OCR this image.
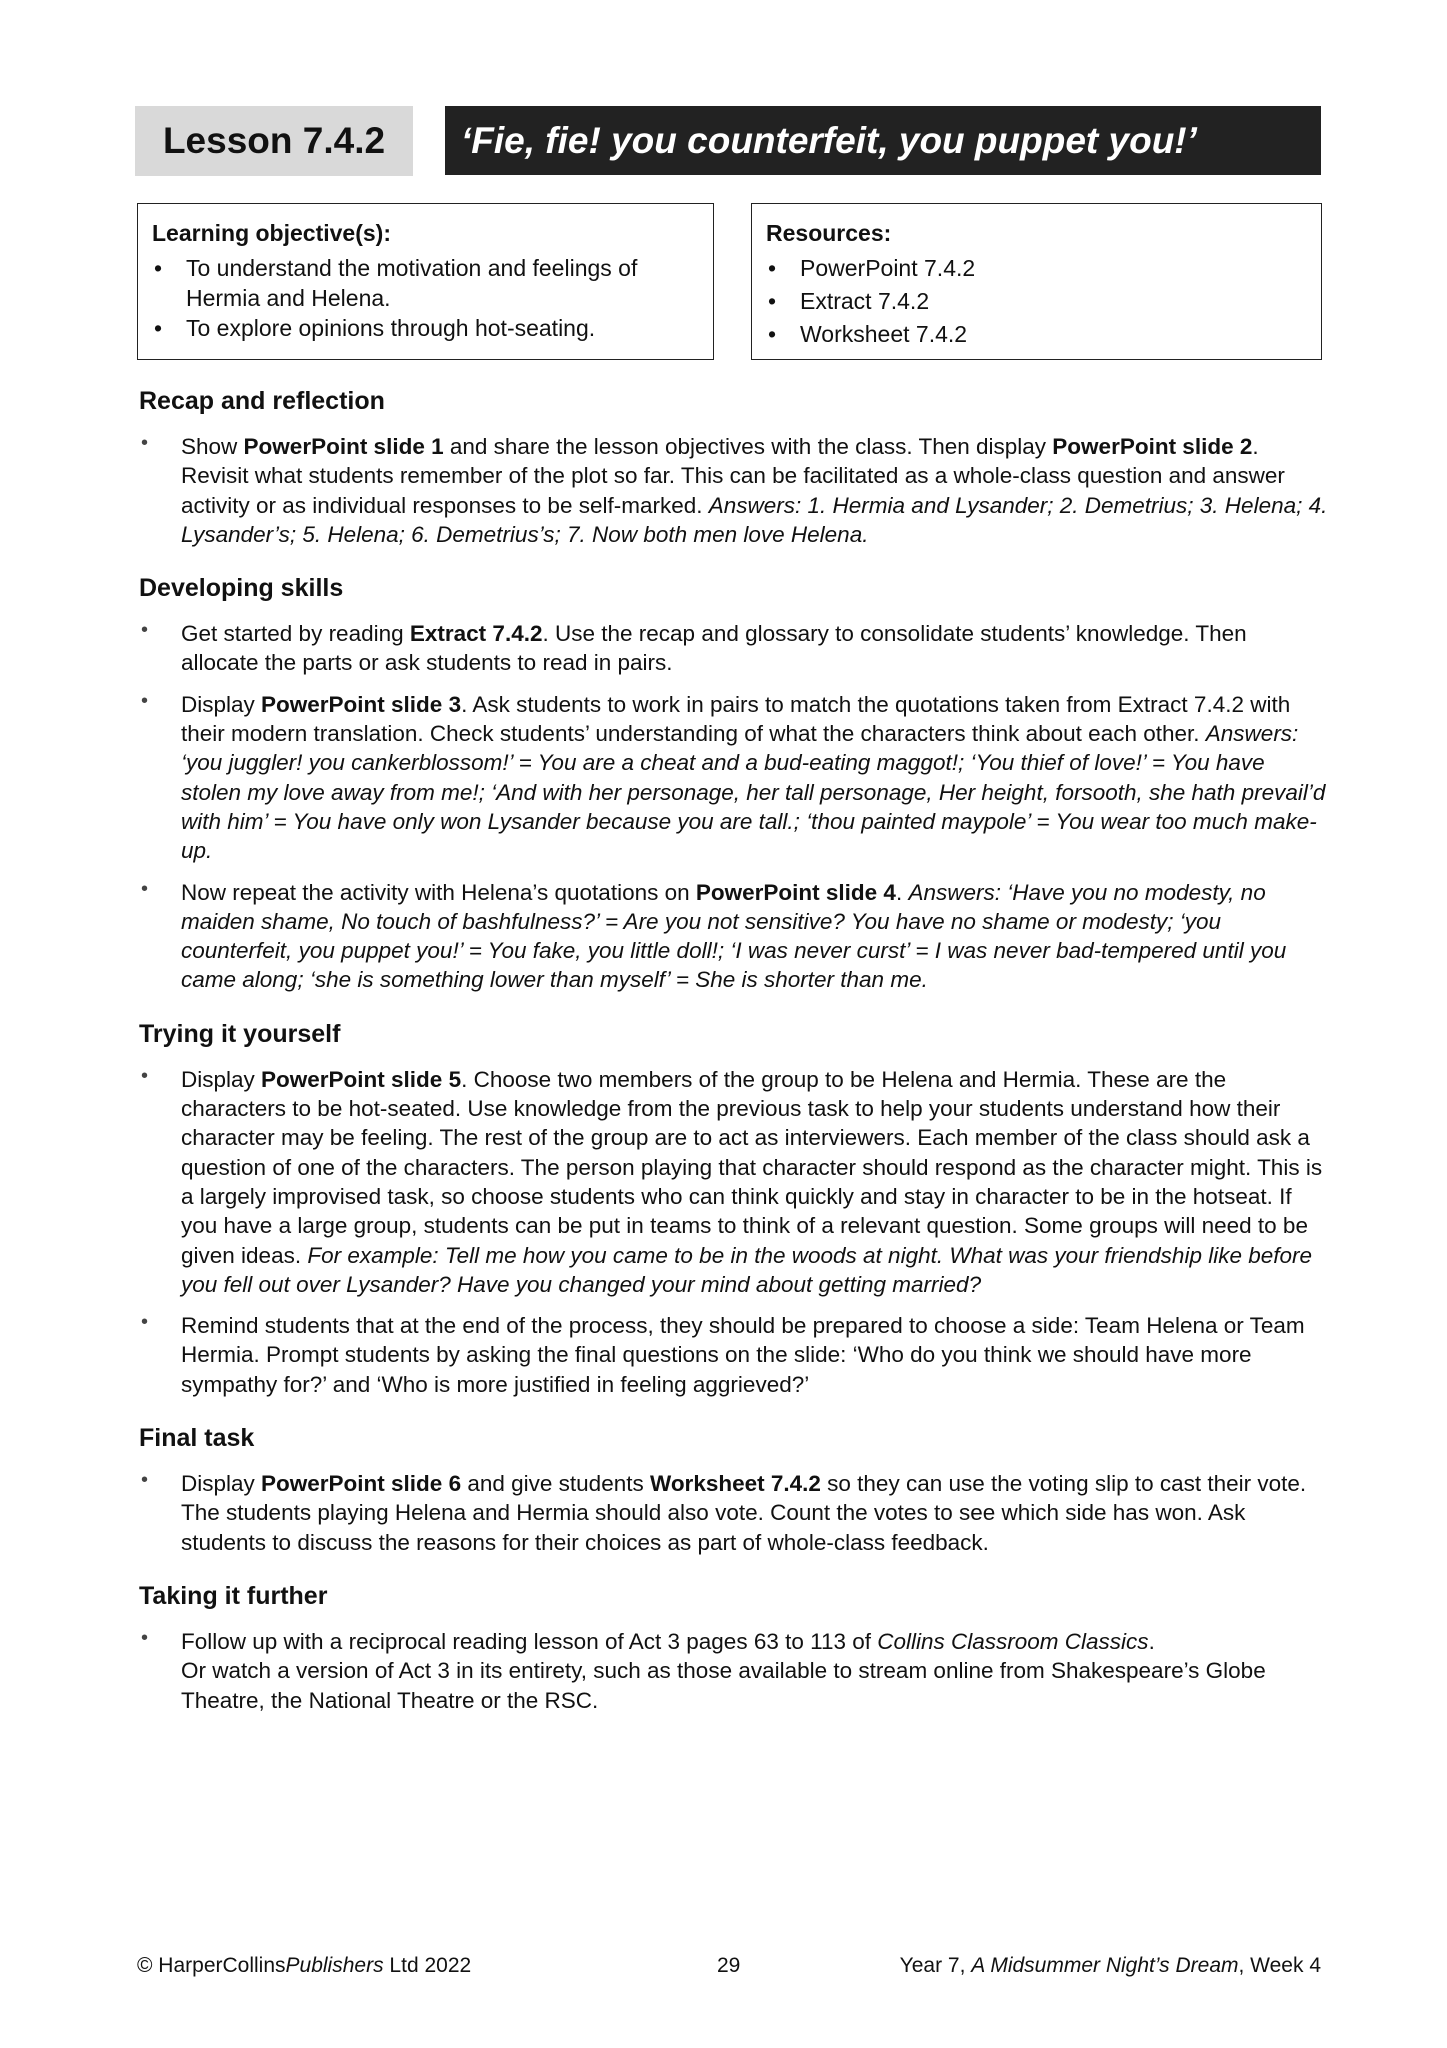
Lesson 7.4.2	‘Fie, fie! you counterfeit, you puppet you!’
Learning objective(s):
• To understand the motivation and feelings of Hermia and Helena.
• To explore opinions through hot-seating.
Resources:
• PowerPoint 7.4.2
• Extract 7.4.2
• Worksheet 7.4.2
Recap and reflection
• Show PowerPoint slide 1 and share the lesson objectives with the class. Then display PowerPoint slide 2. Revisit what students remember of the plot so far. This can be facilitated as a whole-class question and answer activity or as individual responses to be self-marked. Answers: 1. Hermia and Lysander; 2. Demetrius; 3. Helena; 4. Lysander’s; 5. Helena; 6. Demetrius’s; 7. Now both men love Helena.
Developing skills
• Get started by reading Extract 7.4.2. Use the recap and glossary to consolidate students’ knowledge. Then allocate the parts or ask students to read in pairs.
• Display PowerPoint slide 3. Ask students to work in pairs to match the quotations taken from Extract 7.4.2 with their modern translation. Check students’ understanding of what the characters think about each other. Answers: ‘you juggler! you cankerblossom!’ = You are a cheat and a bud-eating maggot!; ‘You thief of love!’ = You have stolen my love away from me!; ‘And with her personage, her tall personage, Her height, forsooth, she hath prevail’d with him’ = You have only won Lysander because you are tall.; ‘thou painted maypole’ = You wear too much make-up.
• Now repeat the activity with Helena’s quotations on PowerPoint slide 4. Answers: ‘Have you no modesty, no maiden shame, No touch of bashfulness?’ = Are you not sensitive? You have no shame or modesty; ‘you counterfeit, you puppet you!’ = You fake, you little doll!; ‘I was never curst’ = I was never bad-tempered until you came along; ‘she is something lower than myself’ = She is shorter than me.
Trying it yourself
• Display PowerPoint slide 5. Choose two members of the group to be Helena and Hermia. These are the characters to be hot-seated. Use knowledge from the previous task to help your students understand how their character may be feeling. The rest of the group are to act as interviewers. Each member of the class should ask a question of one of the characters. The person playing that character should respond as the character might. This is a largely improvised task, so choose students who can think quickly and stay in character to be in the hotseat. If you have a large group, students can be put in teams to think of a relevant question. Some groups will need to be given ideas. For example: Tell me how you came to be in the woods at night. What was your friendship like before you fell out over Lysander? Have you changed your mind about getting married?
• Remind students that at the end of the process, they should be prepared to choose a side: Team Helena or Team Hermia. Prompt students by asking the final questions on the slide: ‘Who do you think we should have more sympathy for?’ and ‘Who is more justified in feeling aggrieved?’
Final task
• Display PowerPoint slide 6 and give students Worksheet 7.4.2 so they can use the voting slip to cast their vote. The students playing Helena and Hermia should also vote. Count the votes to see which side has won. Ask students to discuss the reasons for their choices as part of whole-class feedback.
Taking it further
• Follow up with a reciprocal reading lesson of Act 3 pages 63 to 113 of Collins Classroom Classics.
Or watch a version of Act 3 in its entirety, such as those available to stream online from Shakespeare’s Globe Theatre, the National Theatre or the RSC.
© HarperCollinsPublishers Ltd 2022	29	Year 7, A Midsummer Night’s Dream, Week 4
